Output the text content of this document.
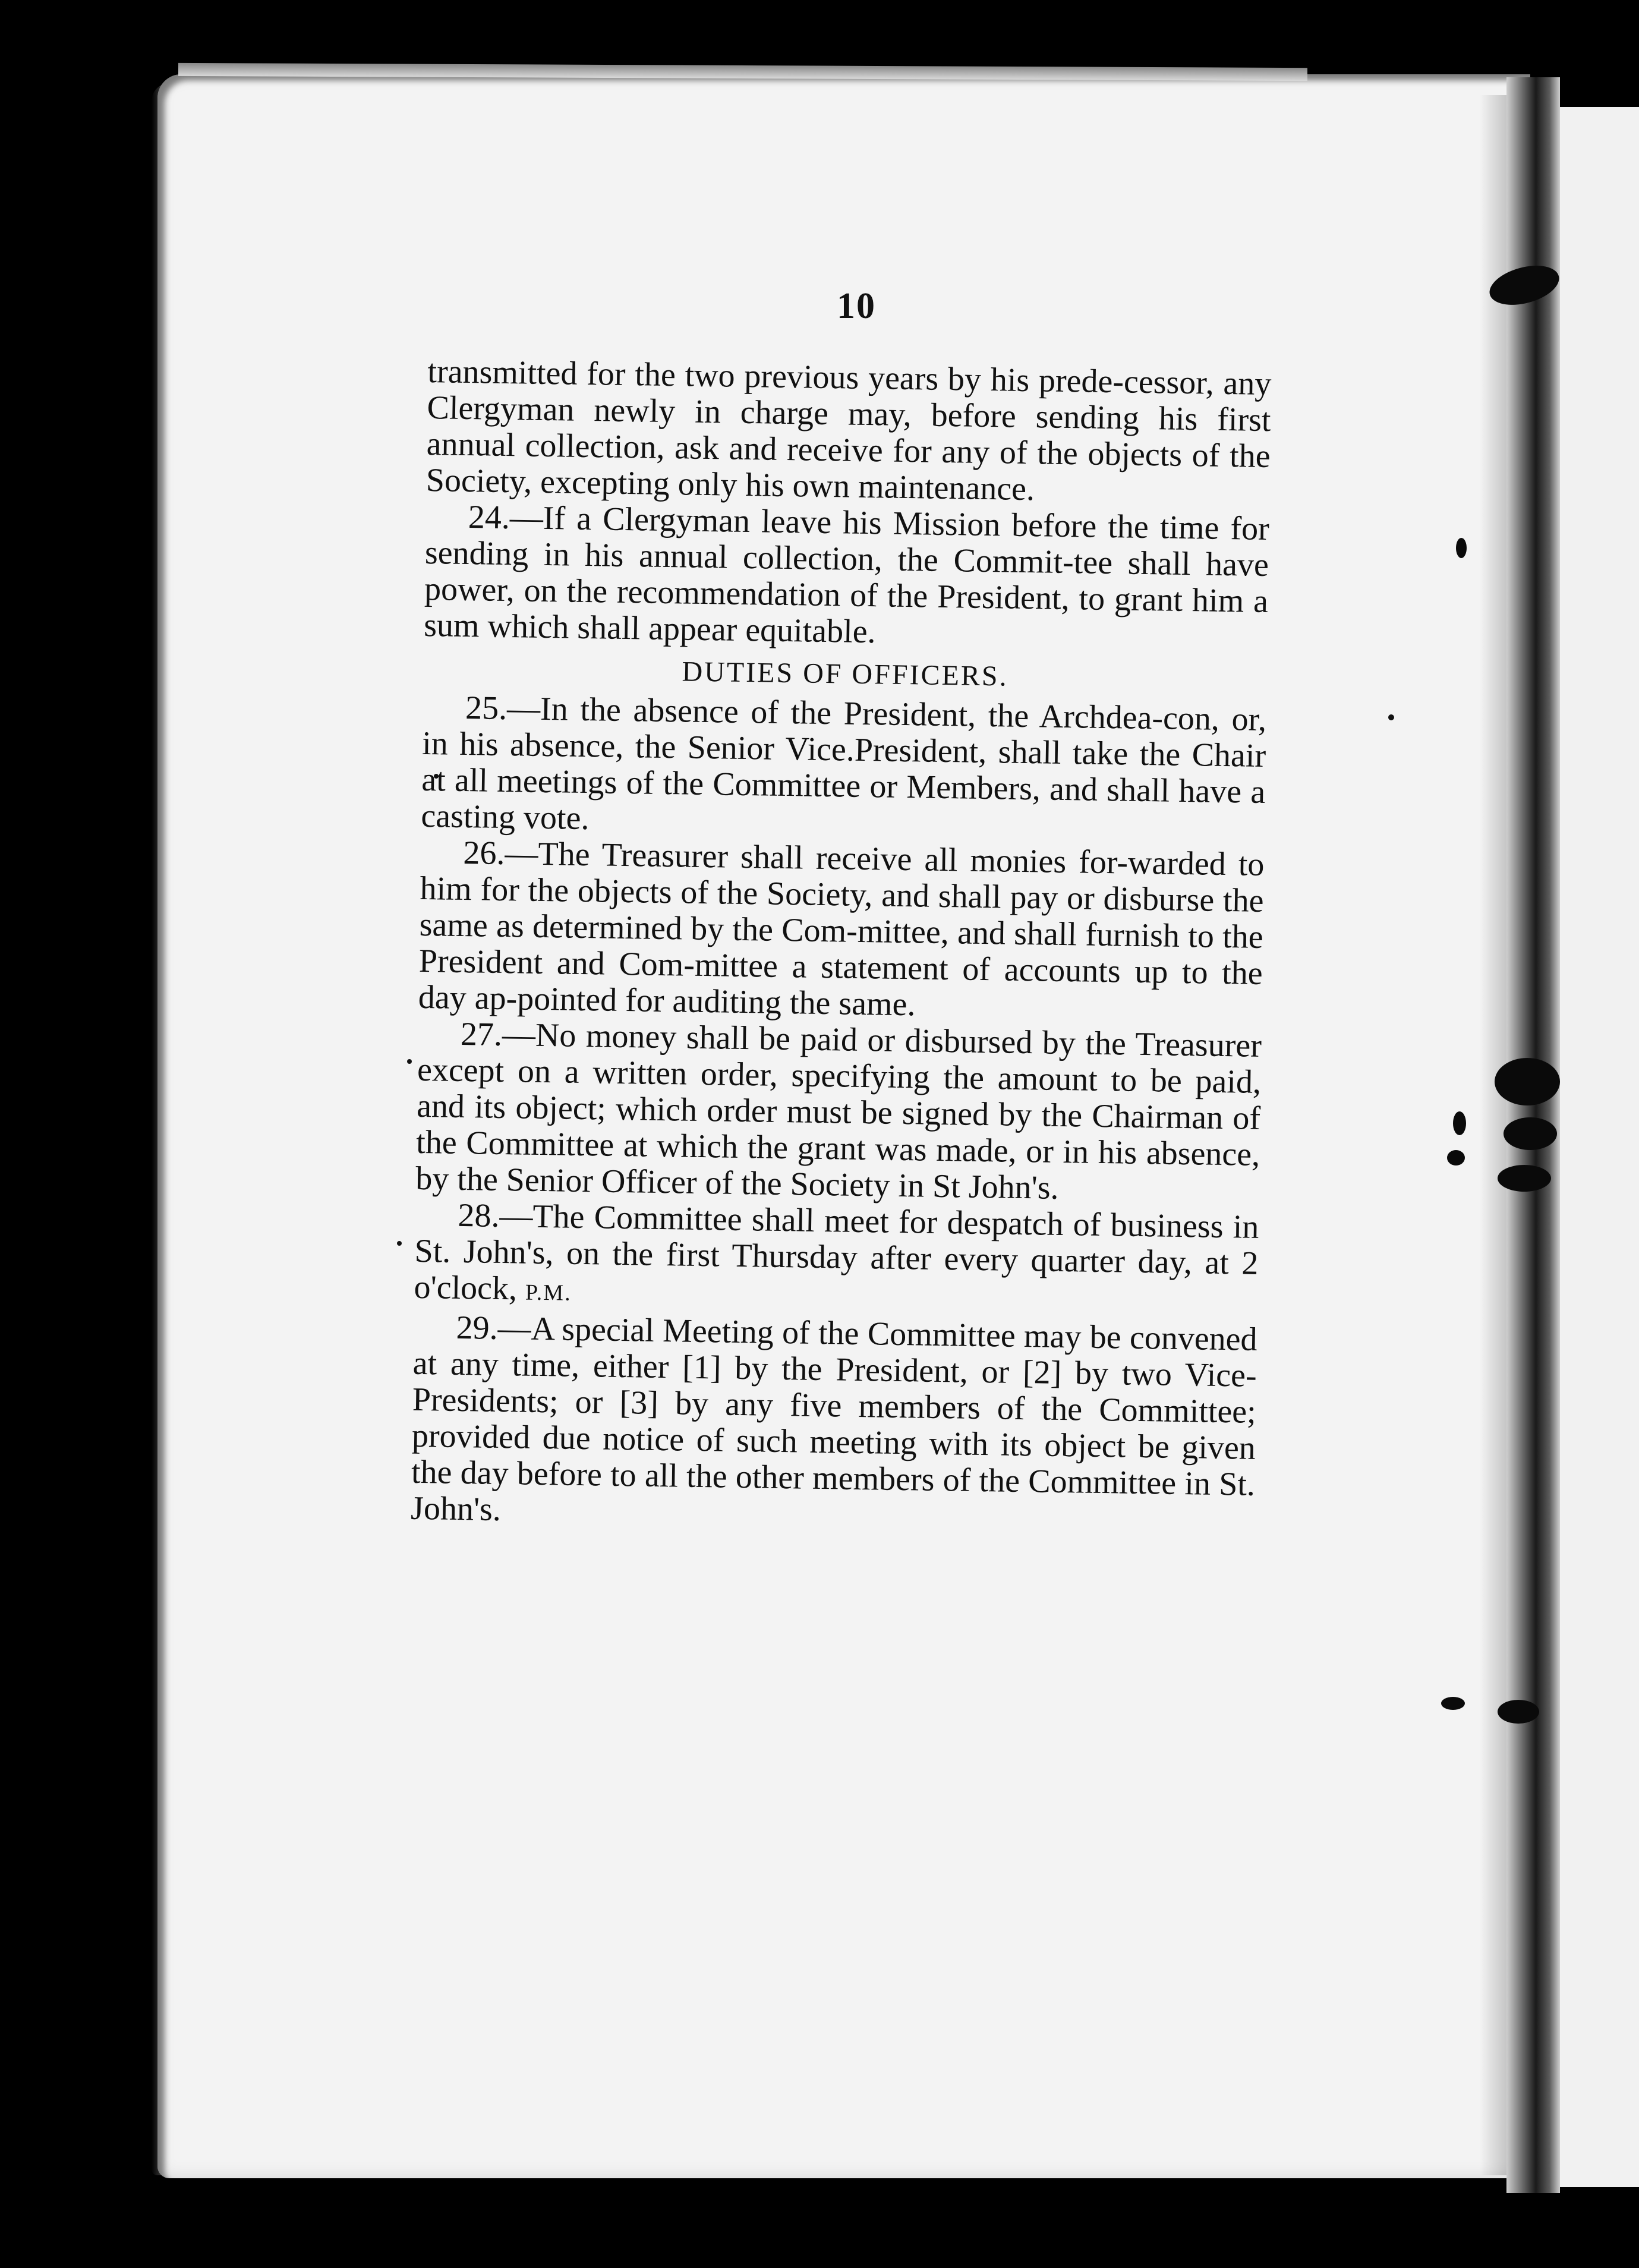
10

transmitted for the two previous years by his prede-cessor, any Clergyman newly in charge may, before sending his first annual collection, ask and receive for any of the objects of the Society, excepting only his own maintenance.

24.—If a Clergyman leave his Mission before the time for sending in his annual collection, the Commit-tee shall have power, on the recommendation of the President, to grant him a sum which shall appear equitable.

DUTIES OF OFFICERS.

25.—In the absence of the President, the Archdea-con, or, in his absence, the Senior Vice.President, shall take the Chair at all meetings of the Committee or Members, and shall have a casting vote.

26.—The Treasurer shall receive all monies for-warded to him for the objects of the Society, and shall pay or disburse the same as determined by the Com-mittee, and shall furnish to the President and Com-mittee a statement of accounts up to the day ap-pointed for auditing the same.

27.—No money shall be paid or disbursed by the Treasurer except on a written order, specifying the amount to be paid, and its object; which order must be signed by the Chairman of the Committee at which the grant was made, or in his absence, by the Senior Officer of the Society in St John's.

28.—The Committee shall meet for despatch of business in St. John's, on the first Thursday after every quarter day, at 2 o'clock, P.M.

29.—A special Meeting of the Committee may be convened at any time, either [1] by the President, or [2] by two Vice-Presidents; or [3] by any five members of the Committee; provided due notice of such meeting with its object be given the day before to all the other members of the Committee in St. John's.
